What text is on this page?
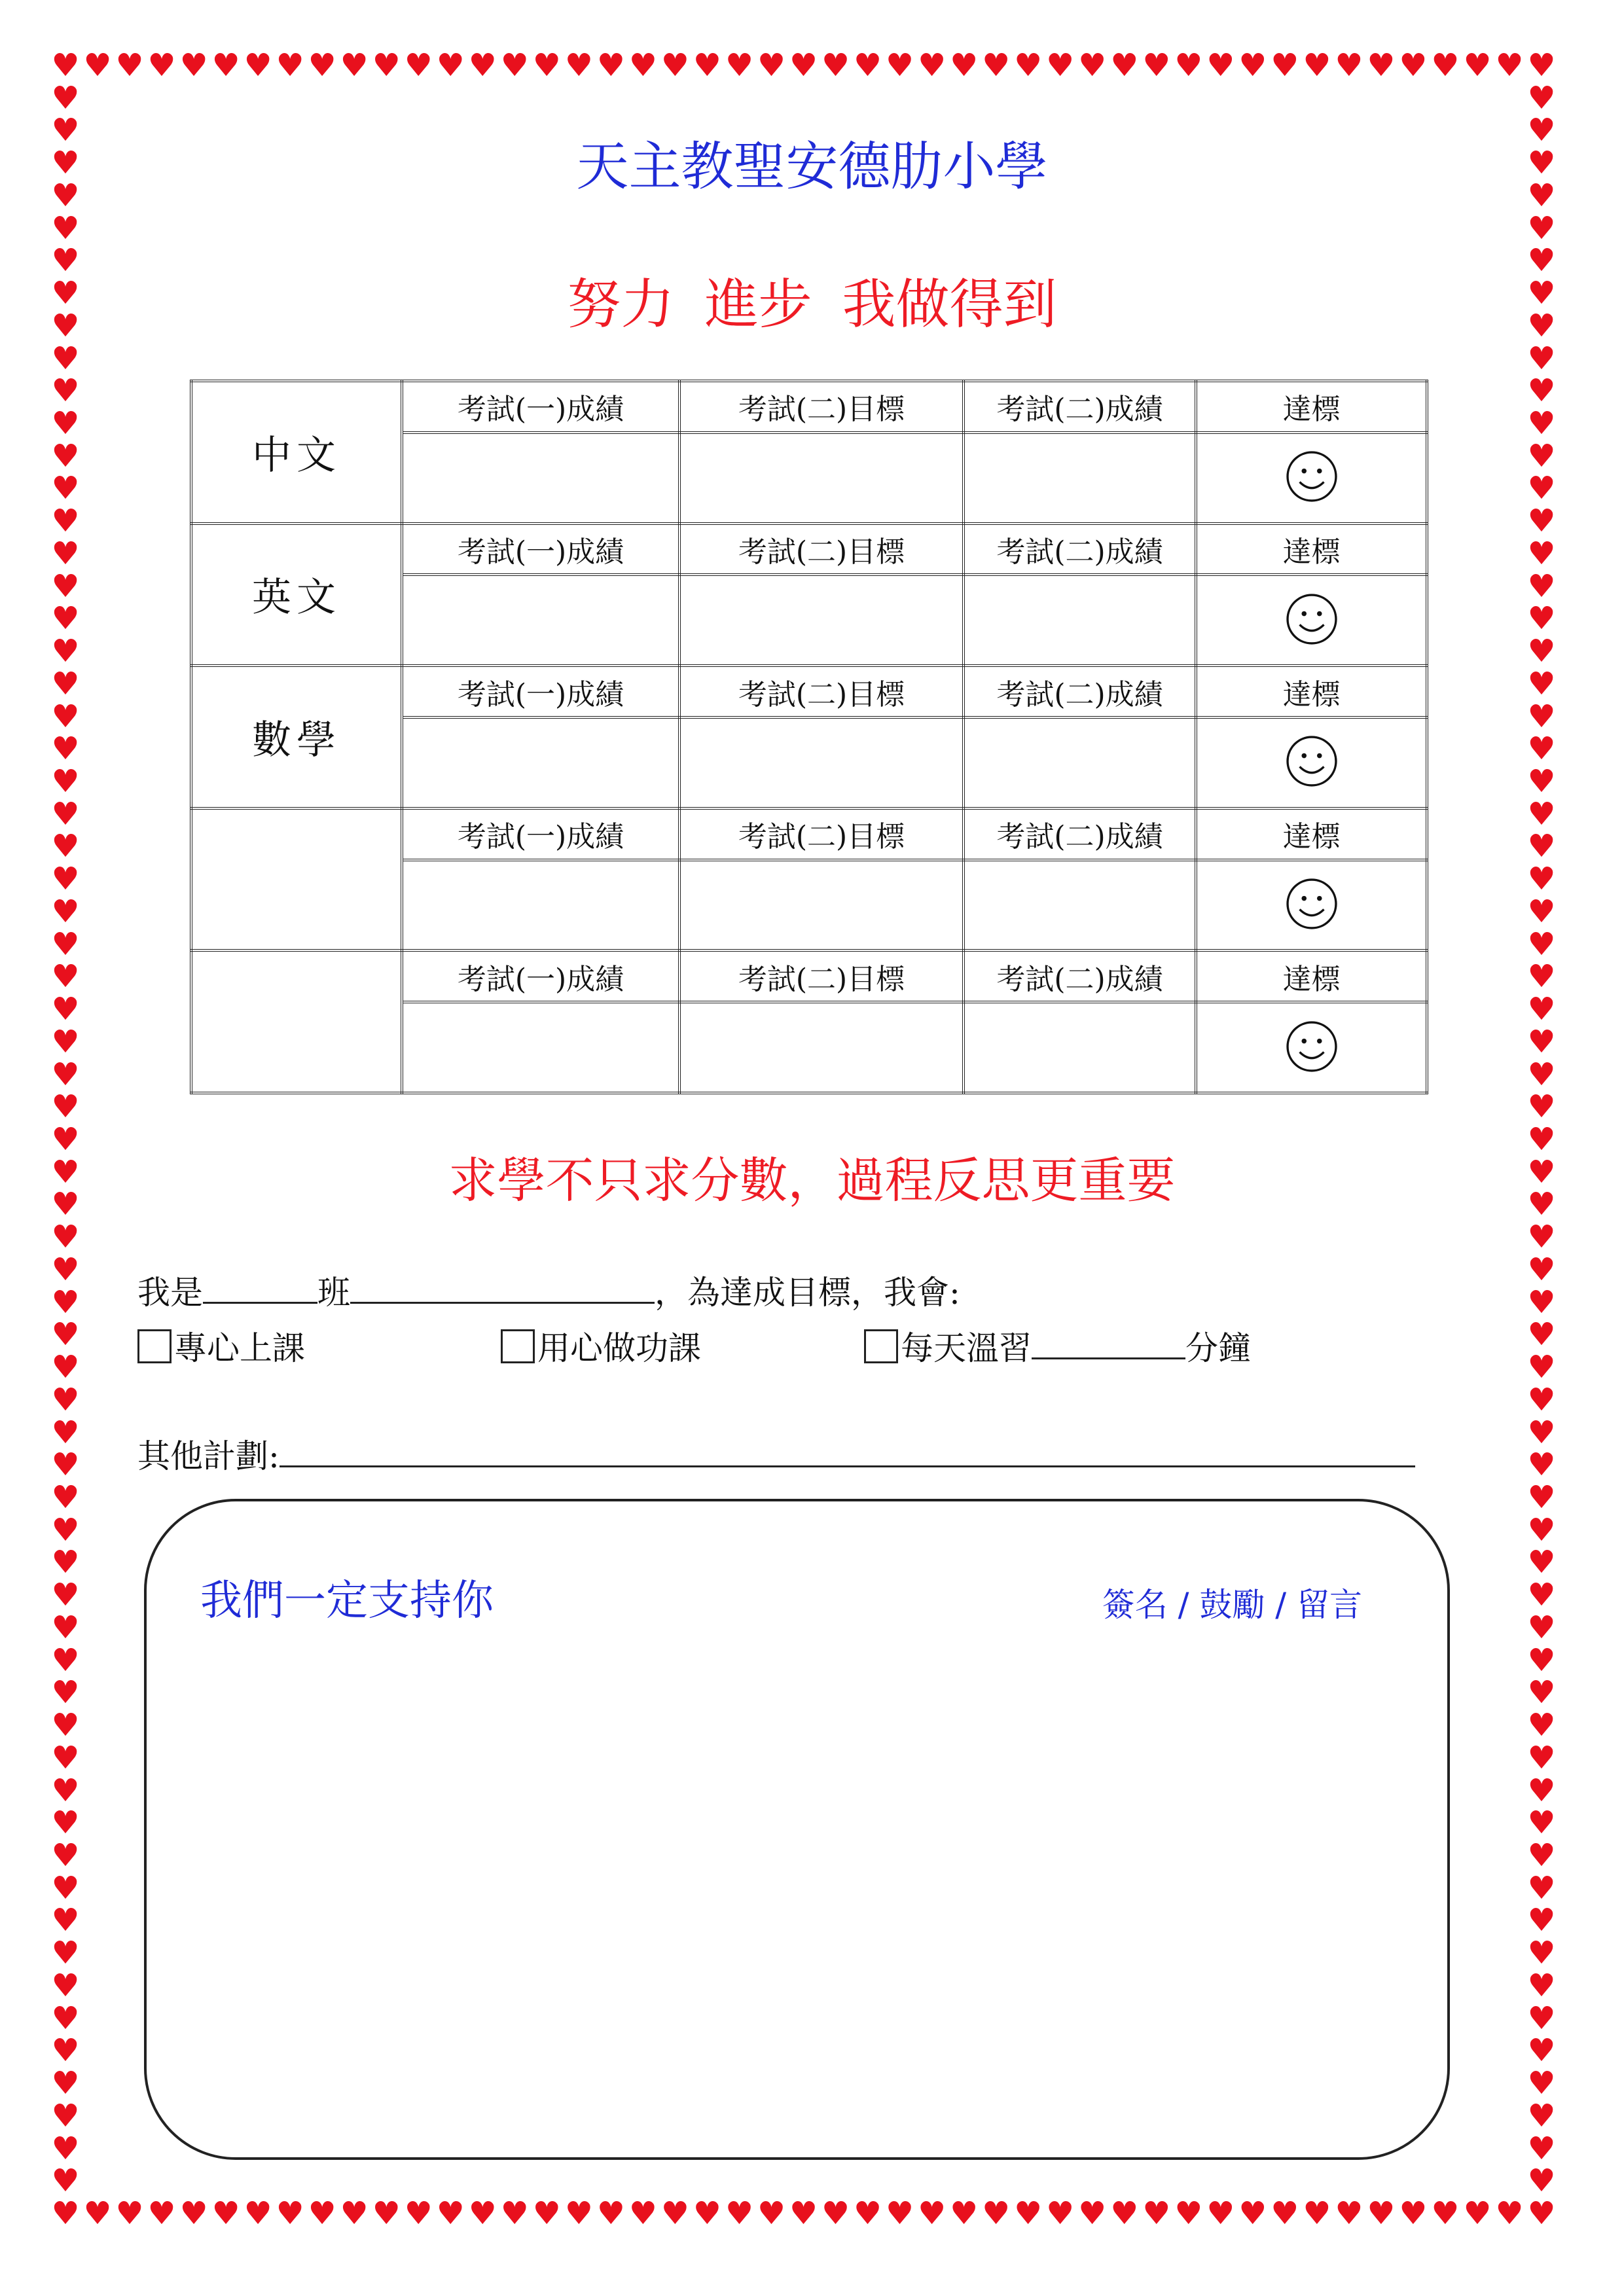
♥
♥
♥
♥
♥
♥
♥
♥
♥
♥
♥
♥
♥
♥
♥
♥
♥
♥
♥
♥
♥
♥
♥
♥
♥
♥
♥
♥
♥
♥
♥
♥
♥
♥
♥
♥
♥
♥
♥
♥
♥
♥
♥
♥
♥
♥
♥
♥
♥
♥
♥
♥
♥
♥
♥
♥
♥
♥
♥
♥
♥
♥
♥
♥
♥
♥
♥
♥
♥
♥
♥
♥
♥
♥
♥
♥
♥
♥
♥
♥
♥
♥
♥
♥
♥
♥
♥
♥
♥
♥
♥
♥
♥
♥
♥	♥
♥	♥
♥	♥
♥	♥
♥	♥
♥	♥
♥	♥
♥	♥
♥	♥
♥	♥
♥	♥
♥	♥
♥	♥
♥	♥
♥	♥
♥	♥
♥	♥
♥	♥
♥	♥
♥	♥
♥	♥
♥	♥
♥	♥
♥	♥
♥	♥
♥	♥
♥	♥
♥	♥
♥	♥
♥	♥
♥	♥
♥	♥
♥	♥
♥	♥
♥	♥
♥	♥
♥	♥
♥	♥
♥	♥
♥	♥
♥	♥
♥	♥
♥	♥
♥	♥
♥	♥
♥	♥
♥	♥
♥	♥
♥	♥
♥	♥
♥	♥
♥	♥
♥	♥
♥	♥
♥	♥
♥	♥
♥	♥
♥	♥
♥	♥
♥	♥
♥	♥
♥	♥
♥	♥
♥	♥
♥	♥
天主教聖安德肋小學
努力 進步 我做得到
中文	考試(一)成績	考試(二)目標	考試(二)成績	達標

英文	考試(一)成績	考試(二)目標	考試(二)成績	達標

數學	考試(一)成績	考試(二)目標	考試(二)成績	達標

	考試(一)成績	考試(二)目標	考試(二)成績	達標

	考試(一)成績	考試(二)目標	考試(二)成績	達標

求學不只求分數，過程反思更重要
我是	班	，為達成目標，我會:
專心上課	用心做功課	每天溫習	分鐘
其他計劃:
我們一定支持你	簽名 / 鼓勵 / 留言
